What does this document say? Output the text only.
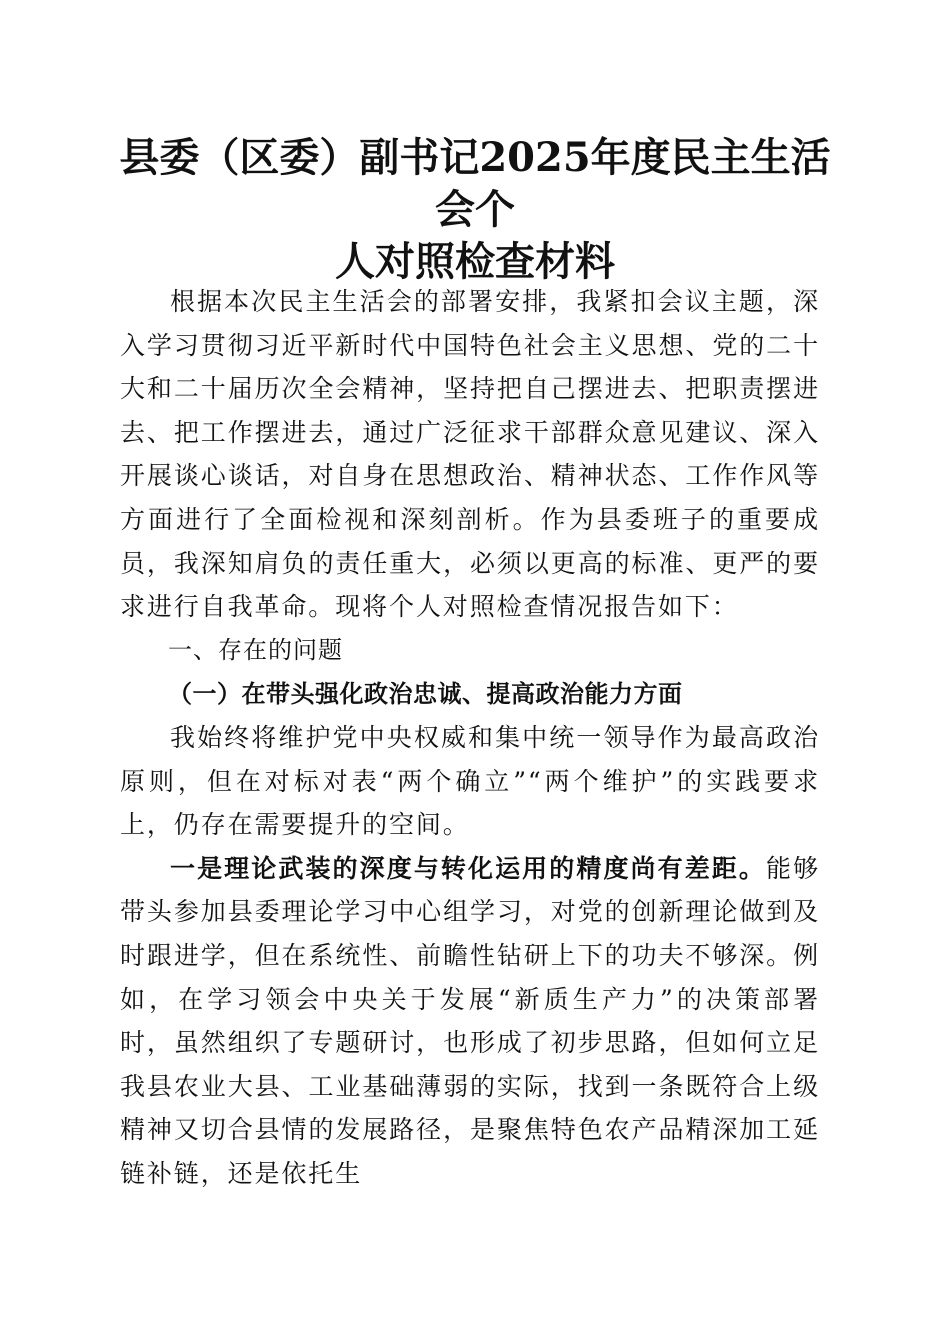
县委（区委）副书记2025年度民主生活会个
人对照检查材料

根据本次民主生活会的部署安排，我紧扣会议主题，深入学习贯彻习近平新时代中国特色社会主义思想、党的二十大和二十届历次全会精神，坚持把自己摆进去、把职责摆进去、把工作摆进去，通过广泛征求干部群众意见建议、深入开展谈心谈话，对自身在思想政治、精神状态、工作作风等方面进行了全面检视和深刻剖析。作为县委班子的重要成员，我深知肩负的责任重大，必须以更高的标准、更严的要求进行自我革命。现将个人对照检查情况报告如下：

一、存在的问题

（一）在带头强化政治忠诚、提高政治能力方面

我始终将维护党中央权威和集中统一领导作为最高政治原则，但在对标对表“两个确立”“两个维护”的实践要求上，仍存在需要提升的空间。

一是理论武装的深度与转化运用的精度尚有差距。能够带头参加县委理论学习中心组学习，对党的创新理论做到及时跟进学，但在系统性、前瞻性钻研上下的功夫不够深。例如，在学习领会中央关于发展“新质生产力”的决策部署时，虽然组织了专题研讨，也形成了初步思路，但如何立足我县农业大县、工业基础薄弱的实际，找到一条既符合上级精神又切合县情的发展路径，是聚焦特色农产品精深加工延链补链，还是依托生
